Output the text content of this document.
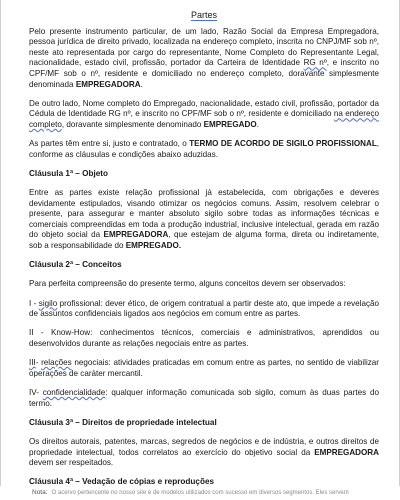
Partes

Pelo presente instrumento particular, de um lado, Razão Social da Empresa Empregadora, pessoa jurídica de direito privado, localizada na endereço completo, inscrita no CNPJ/MF sob nº, neste ato representada por cargo do representante, Nome Completo do Representante Legal, nacionalidade, estado civil, profissão, portador da Carteira de Identidade RG nº, e inscrito no CPF/MF sob o nº, residente e domiciliado no endereço completo, doravante simplesmente denominada EMPREGADORA.

De outro lado, Nome completo do Empregado, nacionalidade, estado civil, profissão, portador da Cédula de Identidade RG nº, e inscrito no CPF/MF sob o nº, residente e domiciliado na endereço completo, doravante simplesmente denominado EMPREGADO.

As partes têm entre si, justo e contratado, o TERMO DE ACORDO DE SIGILO PROFISSIONAL, conforme as cláusulas e condições abaixo aduzidas.

Cláusula 1ª – Objeto

Entre as partes existe relação profissional já estabelecida, com obrigações e deveres devidamente estipulados, visando otimizar os negócios comuns. Assim, resolvem celebrar o presente, para assegurar e manter absoluto sigilo sobre todas as informações técnicas e comerciais compreendidas em toda a produção industrial, inclusive intelectual, gerada em razão do objeto social da EMPREGADORA, que estejam de alguma forma, direta ou indiretamente, sob a responsabilidade do EMPREGADO.

Cláusula 2ª – Conceitos

Para perfeita compreensão do presente termo, alguns conceitos devem ser observados:

I - sigilo profissional: dever ético, de origem contratual a partir deste ato, que impede a revelação de assuntos confidenciais ligados aos negócios em comum entre as partes.

II - Know-How: conhecimentos técnicos, comerciais e administrativos, aprendidos ou desenvolvidos durante as relações negociais entre as partes.

III- relações negociais: atividades praticadas em comum entre as partes, no sentido de viabilizar operações de caráter mercantil.

IV- confidencialidade: qualquer informação comunicada sob sigilo, comum às duas partes do termo.

Cláusula 3ª – Direitos de propriedade intelectual

Os direitos autorais, patentes, marcas, segredos de negócios e de indústria, e outros direitos de propriedade intelectual, todos correlatos ao exercício do objetivo social da EMPREGADORA devem ser respeitados.

Cláusula 4ª – Vedação de cópias e reproduções
Nota: O acervo pertencente no nosso site é de modelos utilizados com sucesso em diversos segmentos. Eles servem
